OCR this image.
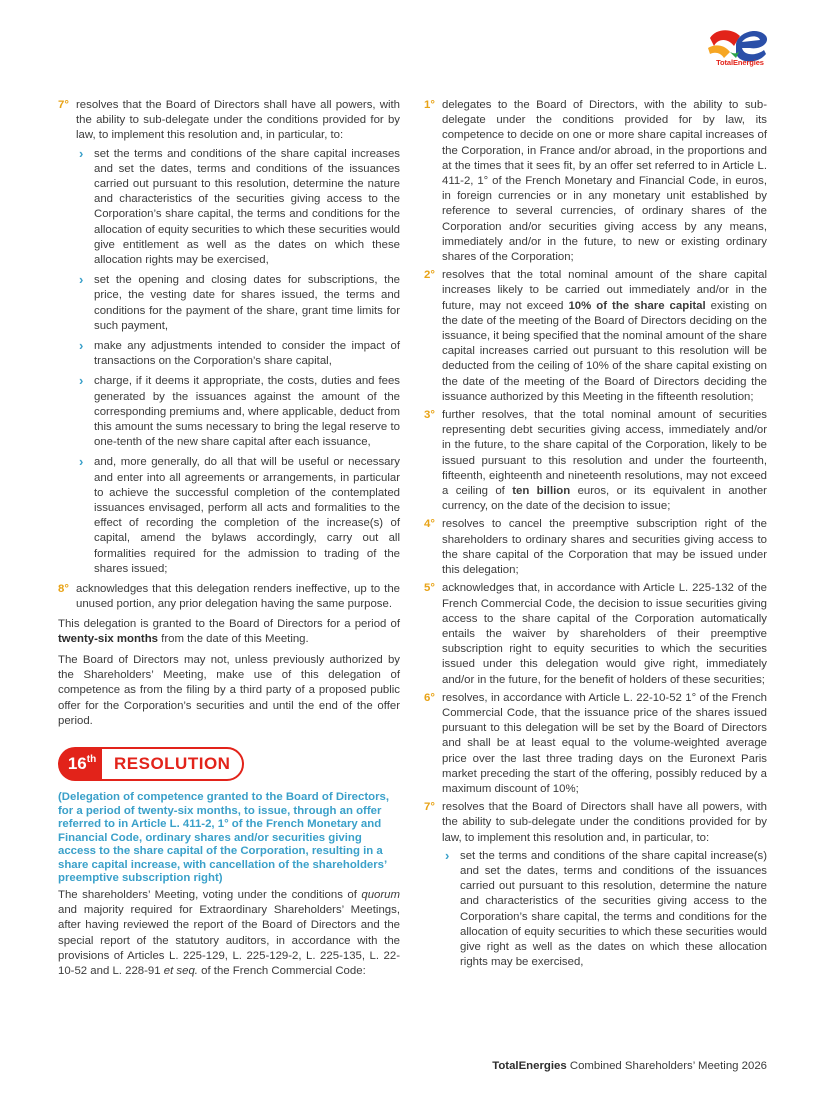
TotalEnergies
7° resolves that the Board of Directors shall have all powers, with the ability to sub-delegate under the conditions provided for by law, to implement this resolution and, in particular, to:
› set the terms and conditions of the share capital increases and set the dates, terms and conditions of the issuances carried out pursuant to this resolution, determine the nature and characteristics of the securities giving access to the Corporation’s share capital, the terms and conditions for the allocation of equity securities to which these securities would give entitlement as well as the dates on which these allocation rights may be exercised,
› set the opening and closing dates for subscriptions, the price, the vesting date for shares issued, the terms and conditions for the payment of the share, grant time limits for such payment,
› make any adjustments intended to consider the impact of transactions on the Corporation’s share capital,
› charge, if it deems it appropriate, the costs, duties and fees generated by the issuances against the amount of the corresponding premiums and, where applicable, deduct from this amount the sums necessary to bring the legal reserve to one-tenth of the new share capital after each issuance,
› and, more generally, do all that will be useful or necessary and enter into all agreements or arrangements, in particular to achieve the successful completion of the contemplated issuances envisaged, perform all acts and formalities to the effect of recording the completion of the increase(s) of capital, amend the bylaws accordingly, carry out all formalities required for the admission to trading of the shares issued;
8° acknowledges that this delegation renders ineffective, up to the unused portion, any prior delegation having the same purpose.

This delegation is granted to the Board of Directors for a period of twenty-six months from the date of this Meeting.

The Board of Directors may not, unless previously authorized by the Shareholders’ Meeting, make use of this delegation of competence as from the filing by a third party of a proposed public offer for the Corporation’s securities and until the end of the offer period.

16th	RESOLUTION

(Delegation of competence granted to the Board of Directors, for a period of twenty-six months, to issue, through an offer referred to in Article L. 411-2, 1° of the French Monetary and Financial Code, ordinary shares and/or securities giving access to the share capital of the Corporation, resulting in a share capital increase, with cancellation of the shareholders’ preemptive subscription right)

The shareholders’ Meeting, voting under the conditions of quorum and majority required for Extraordinary Shareholders’ Meetings, after having reviewed the report of the Board of Directors and the special report of the statutory auditors, in accordance with the provisions of Articles L. 225-129, L. 225-129-2, L. 225-135, L. 22-10-52 and L. 228-91 et seq. of the French Commercial Code:

1° delegates to the Board of Directors, with the ability to sub-delegate under the conditions provided for by law, its competence to decide on one or more share capital increases of the Corporation, in France and/or abroad, in the proportions and at the times that it sees fit, by an offer set referred to in Article L. 411-2, 1° of the French Monetary and Financial Code, in euros, in foreign currencies or in any monetary unit established by reference to several currencies, of ordinary shares of the Corporation and/or securities giving access by any means, immediately and/or in the future, to new or existing ordinary shares of the Corporation;
2° resolves that the total nominal amount of the share capital increases likely to be carried out immediately and/or in the future, may not exceed 10% of the share capital existing on the date of the meeting of the Board of Directors deciding on the issuance, it being specified that the nominal amount of the share capital increases carried out pursuant to this resolution will be deducted from the ceiling of 10% of the share capital existing on the date of the meeting of the Board of Directors deciding the issuance authorized by this Meeting in the fifteenth resolution;
3° further resolves, that the total nominal amount of securities representing debt securities giving access, immediately and/or in the future, to the share capital of the Corporation, likely to be issued pursuant to this resolution and under the fourteenth, fifteenth, eighteenth and nineteenth resolutions, may not exceed a ceiling of ten billion euros, or its equivalent in another currency, on the date of the decision to issue;
4° resolves to cancel the preemptive subscription right of the shareholders to ordinary shares and securities giving access to the share capital of the Corporation that may be issued under this delegation;
5° acknowledges that, in accordance with Article L. 225-132 of the French Commercial Code, the decision to issue securities giving access to the share capital of the Corporation automatically entails the waiver by shareholders of their preemptive subscription right to equity securities to which the securities issued under this delegation would give right, immediately and/or in the future, for the benefit of holders of these securities;
6° resolves, in accordance with Article L. 22-10-52 1° of the French Commercial Code, that the issuance price of the shares issued pursuant to this delegation will be set by the Board of Directors and shall be at least equal to the volume-weighted average price over the last three trading days on the Euronext Paris market preceding the start of the offering, possibly reduced by a maximum discount of 10%;
7° resolves that the Board of Directors shall have all powers, with the ability to sub-delegate under the conditions provided for by law, to implement this resolution and, in particular, to:
› set the terms and conditions of the share capital increase(s) and set the dates, terms and conditions of the issuances carried out pursuant to this resolution, determine the nature and characteristics of the securities giving access to the Corporation’s share capital, the terms and conditions for the allocation of equity securities to which these securities would give right as well as the dates on which these allocation rights may be exercised,
TotalEnergies Combined Shareholders’ Meeting 2026
